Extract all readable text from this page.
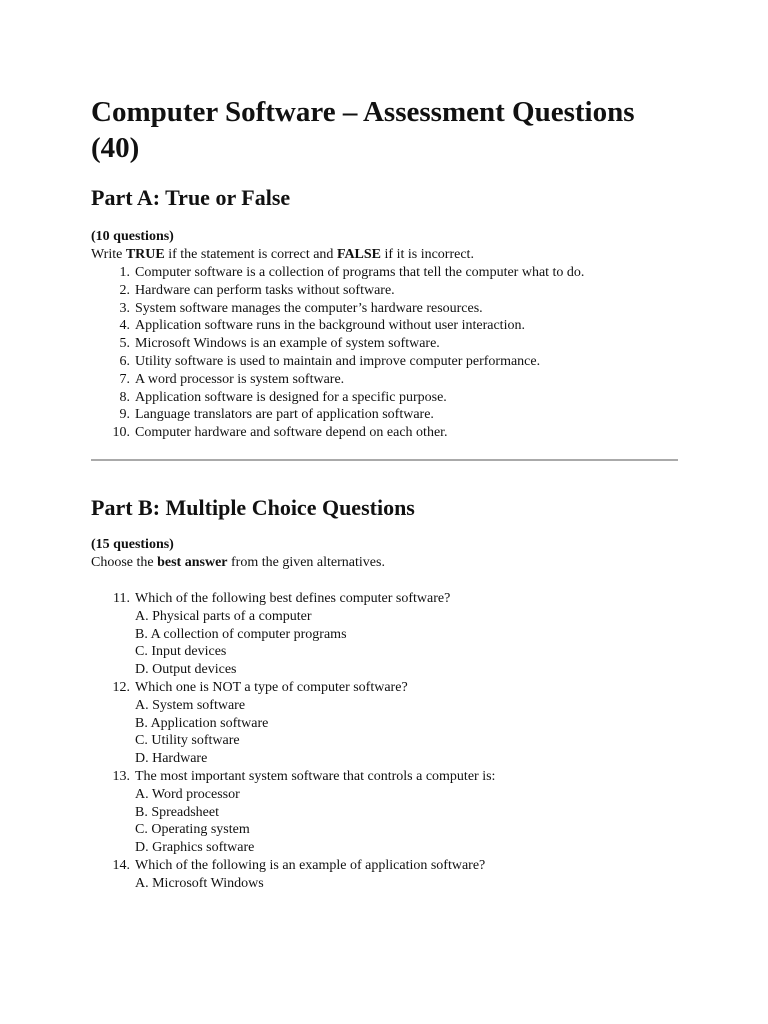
Computer Software – Assessment Questions (40)
Part A: True or False
(10 questions)
Write TRUE if the statement is correct and FALSE if it is incorrect.
1. Computer software is a collection of programs that tell the computer what to do.
2. Hardware can perform tasks without software.
3. System software manages the computer’s hardware resources.
4. Application software runs in the background without user interaction.
5. Microsoft Windows is an example of system software.
6. Utility software is used to maintain and improve computer performance.
7. A word processor is system software.
8. Application software is designed for a specific purpose.
9. Language translators are part of application software.
10. Computer hardware and software depend on each other.
Part B: Multiple Choice Questions
(15 questions)
Choose the best answer from the given alternatives.
11. Which of the following best defines computer software?
A. Physical parts of a computer
B. A collection of computer programs
C. Input devices
D. Output devices
12. Which one is NOT a type of computer software?
A. System software
B. Application software
C. Utility software
D. Hardware
13. The most important system software that controls a computer is:
A. Word processor
B. Spreadsheet
C. Operating system
D. Graphics software
14. Which of the following is an example of application software?
A. Microsoft Windows
